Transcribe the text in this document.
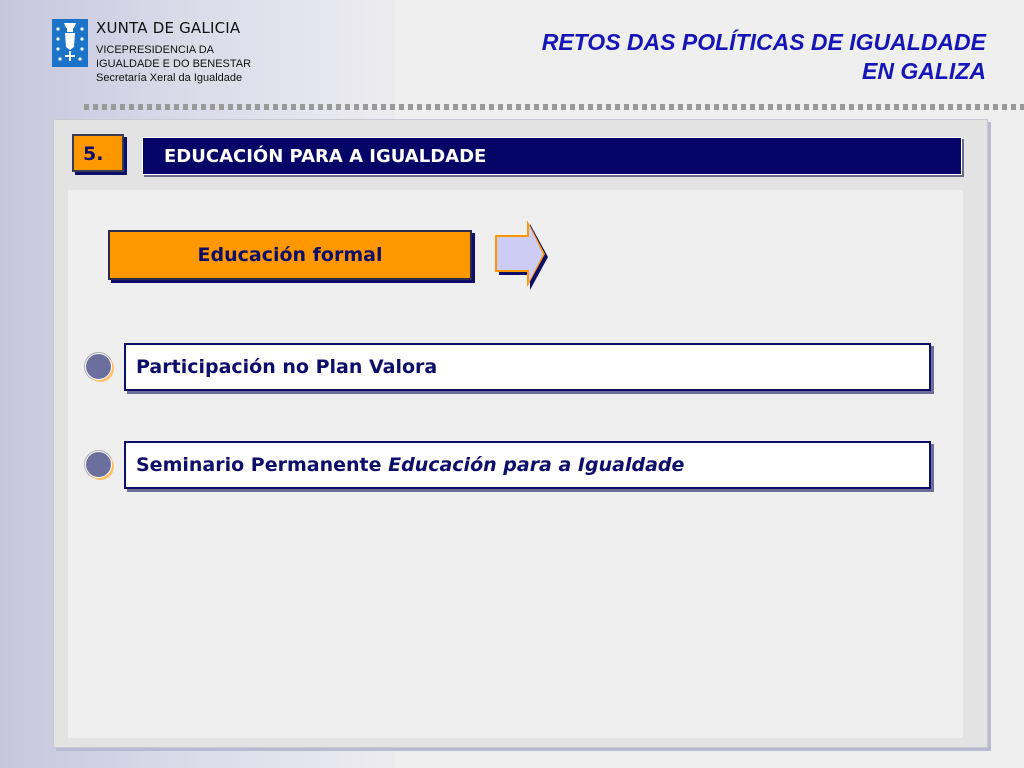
XUNTA DE GALICIA
VICEPRESIDENCIA DA
IGUALDADE E DO BENESTAR
Secretaría Xeral da Igualdade
RETOS DAS POLÍTICAS DE IGUALDADE
EN GALIZA
5.	EDUCACIÓN PARA A IGUALDADE
Educación formal
Participación no Plan Valora
Seminario Permanente Educación para a Igualdade
